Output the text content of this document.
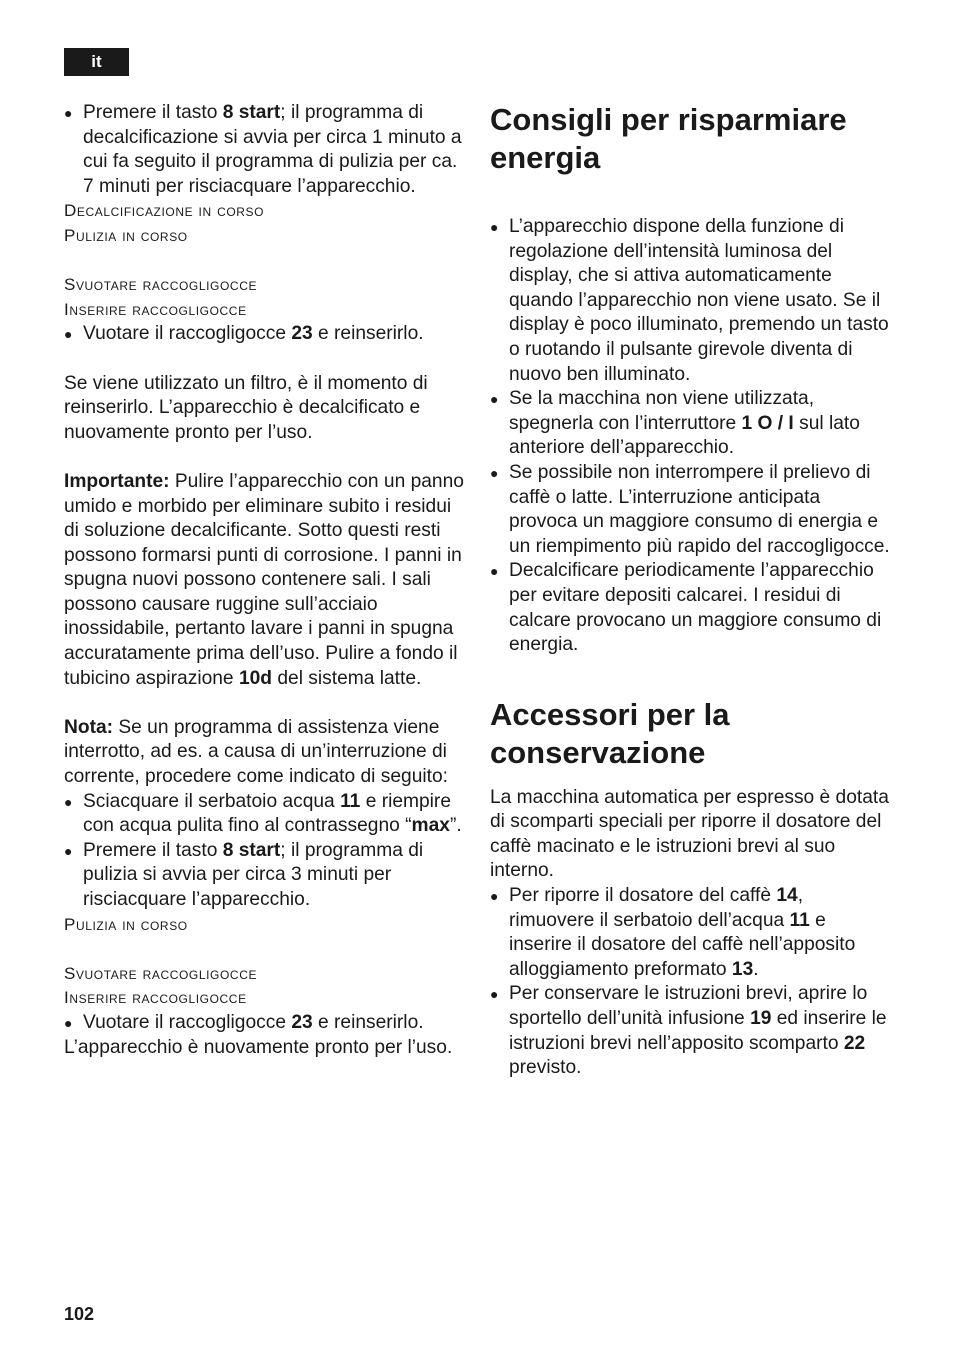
it

● Premere il tasto 8 start; il programma di decalcificazione si avvia per circa 1 minuto a cui fa seguito il programma di pulizia per ca. 7 minuti per risciacquare l’apparecchio.

Decalcificazione in corso

Pulizia in corso

Svuotare raccogligocce

Inserire raccogligocce

● Vuotare il raccogligocce 23 e reinserirlo.

Se viene utilizzato un filtro, è il momento di reinserirlo. L’apparecchio è decalcificato e nuovamente pronto per l’uso.

Importante: Pulire l’apparecchio con un panno umido e morbido per eliminare subito i residui di soluzione decalcificante. Sotto questi resti possono formarsi punti di corrosione. I panni in spugna nuovi possono contenere sali. I sali possono causare ruggine sull’acciaio inossidabile, pertanto lavare i panni in spugna accuratamente prima dell’uso. Pulire a fondo il tubicino aspirazione 10d del sistema latte.

Nota: Se un programma di assistenza viene interrotto, ad es. a causa di un’interruzione di corrente, procedere come indicato di seguito:

● Sciacquare il serbatoio acqua 11 e riempire con acqua pulita fino al contrassegno “max”.

● Premere il tasto 8 start; il programma di pulizia si avvia per circa 3 minuti per risciacquare l’apparecchio.

Pulizia in corso

Svuotare raccogligocce

Inserire raccogligocce

● Vuotare il raccogligocce 23 e reinserirlo.

L’apparecchio è nuovamente pronto per l’uso.

Consigli per risparmiare energia

● L’apparecchio dispone della funzione di regolazione dell’intensità luminosa del display, che si attiva automaticamente quando l’apparecchio non viene usato. Se il display è poco illuminato, premendo un tasto o ruotando il pulsante girevole diventa di nuovo ben illuminato.

● Se la macchina non viene utilizzata, spegnerla con l’interruttore 1 O / I sul lato anteriore dell’apparecchio.

● Se possibile non interrompere il prelievo di caffè o latte. L’interruzione anticipata provoca un maggiore consumo di energia e un riempimento più rapido del raccogligocce.

● Decalcificare periodicamente l’apparecchio per evitare depositi calcarei. I residui di calcare provocano un maggiore consumo di energia.

Accessori per la conservazione

La macchina automatica per espresso è dotata di scomparti speciali per riporre il dosatore del caffè macinato e le istruzioni brevi al suo interno.

● Per riporre il dosatore del caffè 14, rimuovere il serbatoio dell’acqua 11 e inserire il dosatore del caffè nell’apposito alloggiamento preformato 13.

● Per conservare le istruzioni brevi, aprire lo sportello dell’unità infusione 19 ed inserire le istruzioni brevi nell’apposito scomparto 22 previsto.

102
